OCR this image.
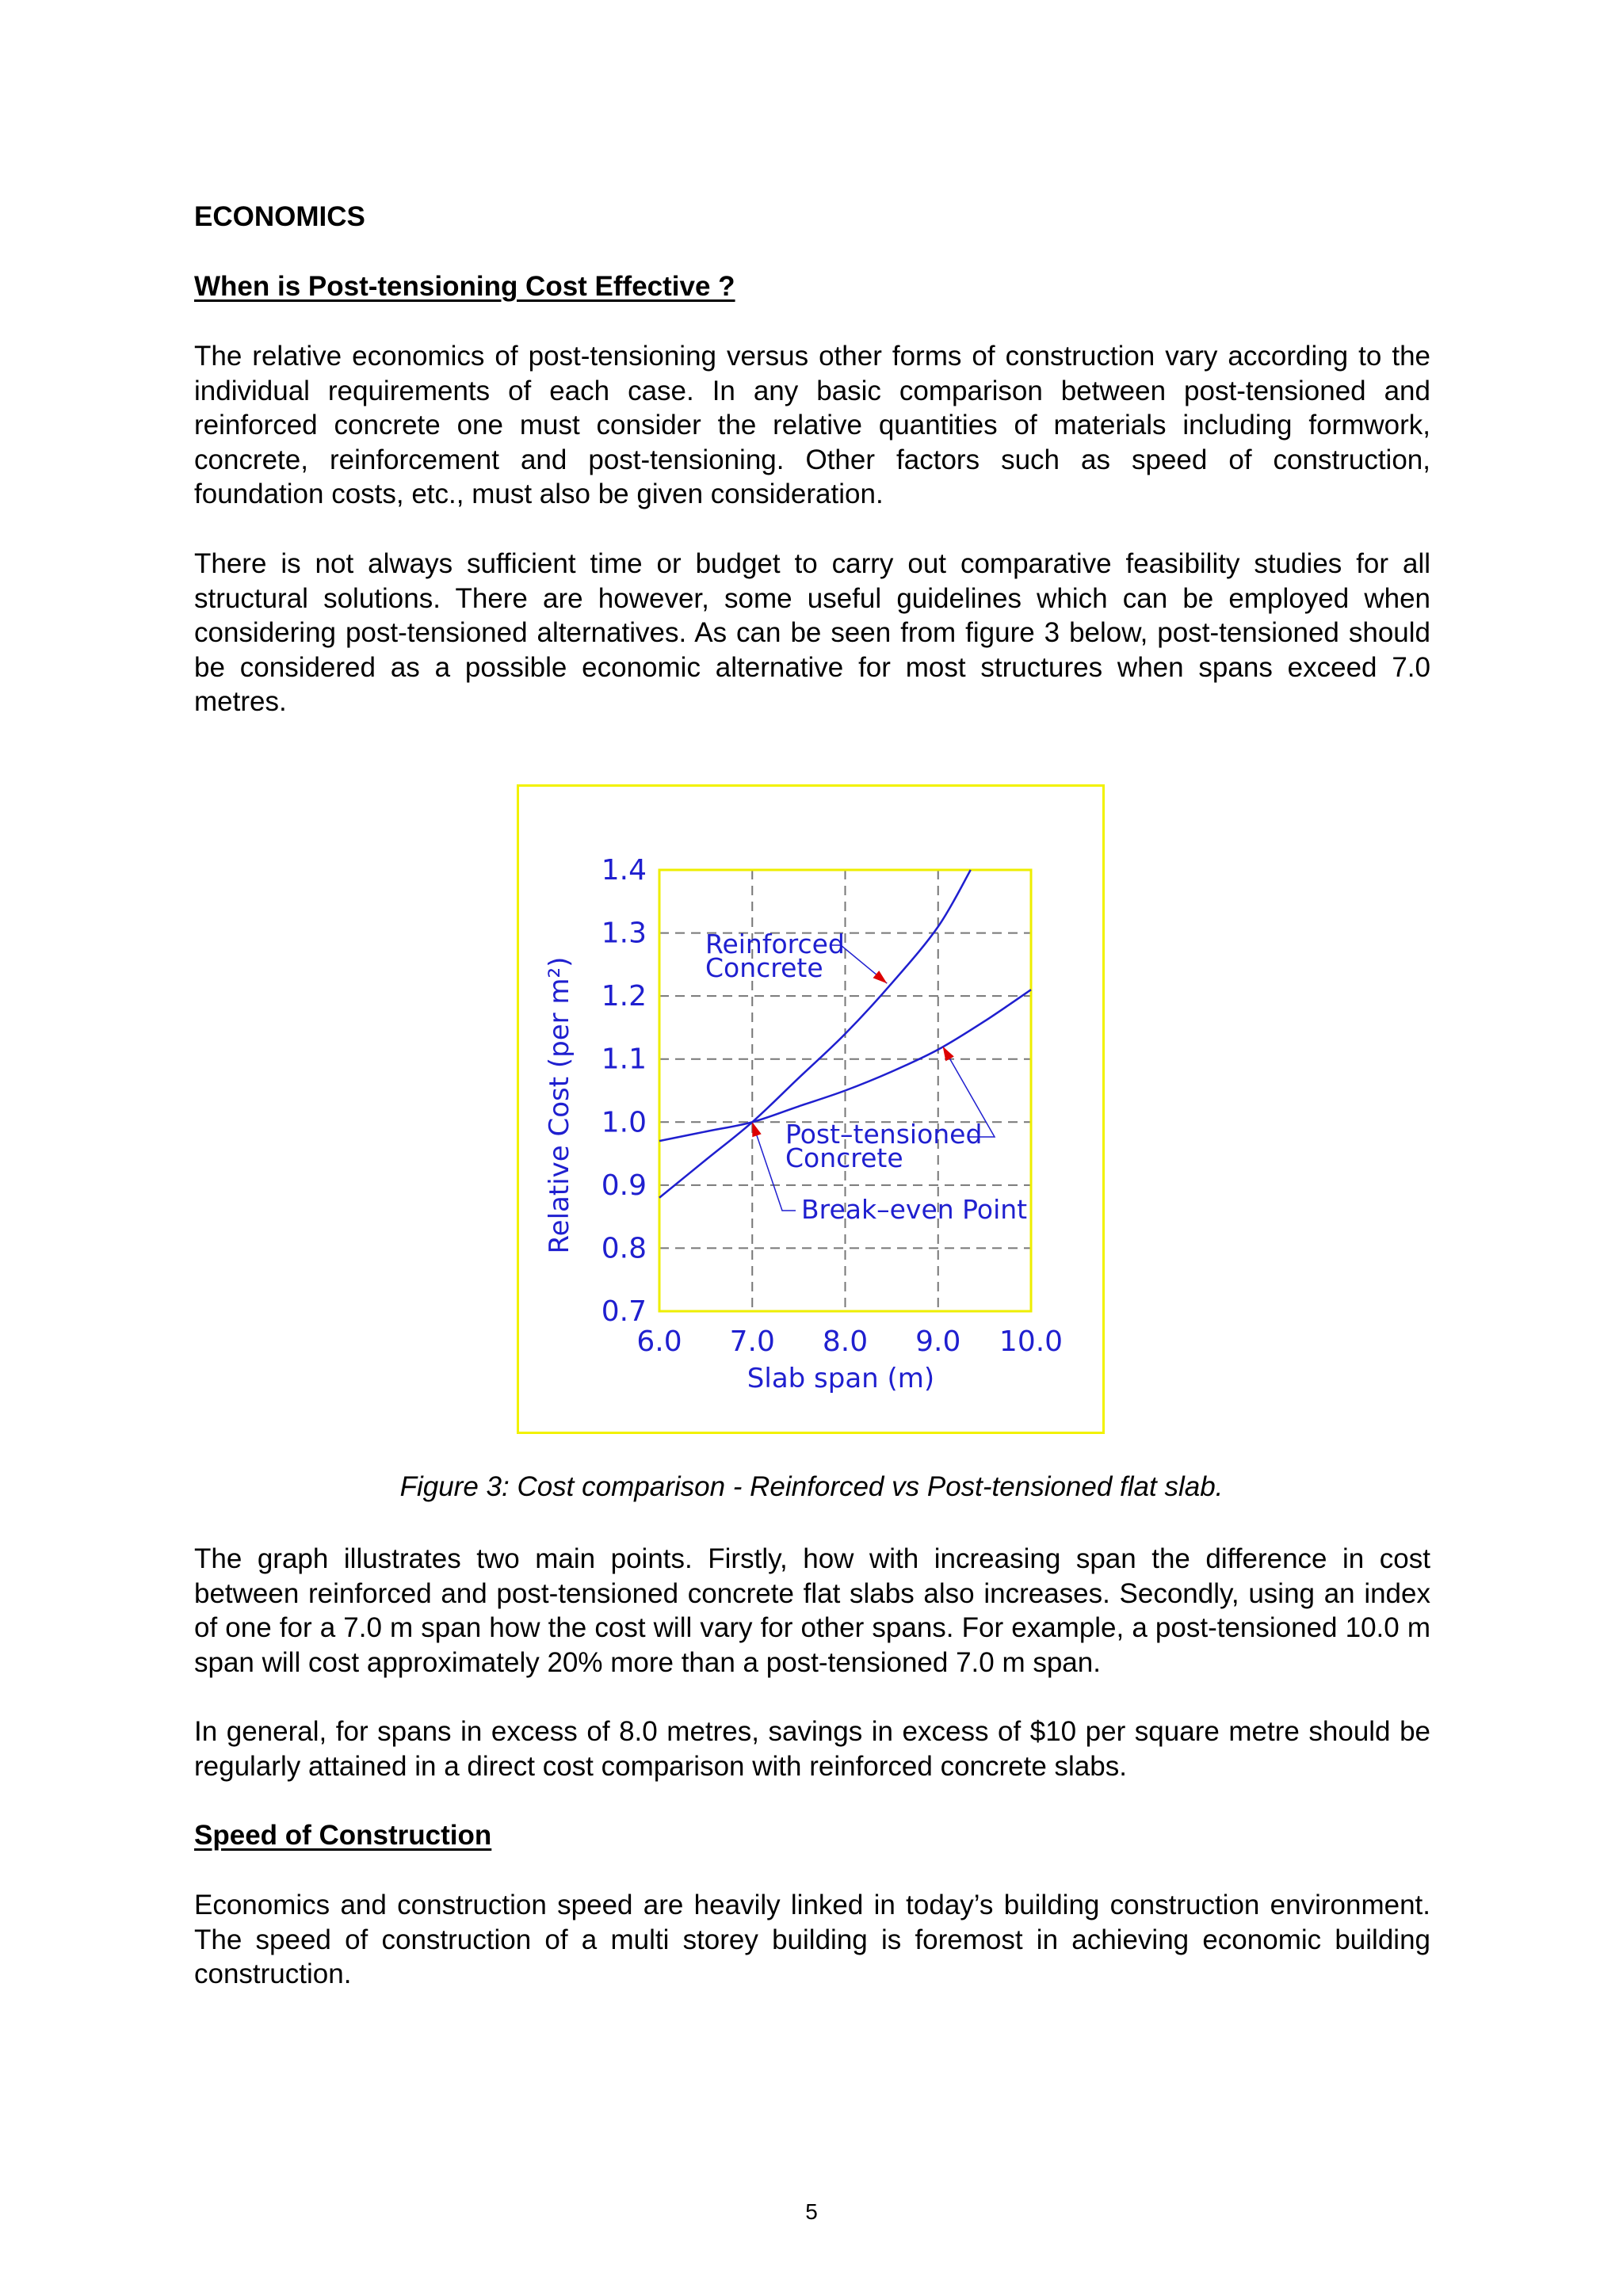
ECONOMICS
When is Post-tensioning Cost Effective ?

The relative economics of post-tensioning versus other forms of construction vary according to the individual requirements of each case. In any basic comparison between post-tensioned and reinforced concrete one must consider the relative quantities of materials including formwork, concrete, reinforcement and post-tensioning. Other factors such as speed of construction, foundation costs, etc., must also be given consideration.

There is not always sufficient time or budget to carry out comparative feasibility studies for all structural solutions. There are however, some useful guidelines which can be employed when considering post-tensioned alternatives. As can be seen from figure 3 below, post-tensioned should be considered as a possible economic alternative for most structures when spans exceed 7.0 metres.

Reinforced
Concrete
Post–tensioned
Concrete
Break–even Point
0.7
0.8
0.9
1.0
1.1
1.2
1.3
1.4
6.0 7.0 8.0 9.0 10.0
Slab span (m)
Relative Cost (per m²)
Figure 3: Cost comparison - Reinforced vs Post-tensioned flat slab.

The graph illustrates two main points. Firstly, how with increasing span the difference in cost between reinforced and post-tensioned concrete flat slabs also increases. Secondly, using an index of one for a 7.0 m span how the cost will vary for other spans. For example, a post-tensioned 10.0 m span will cost approximately 20% more than a post-tensioned 7.0 m span.

In general, for spans in excess of 8.0 metres, savings in excess of $10 per square metre should be regularly attained in a direct cost comparison with reinforced concrete slabs.

Speed of Construction

Economics and construction speed are heavily linked in today’s building construction environment. The speed of construction of a multi storey building is foremost in achieving economic building construction.

5
